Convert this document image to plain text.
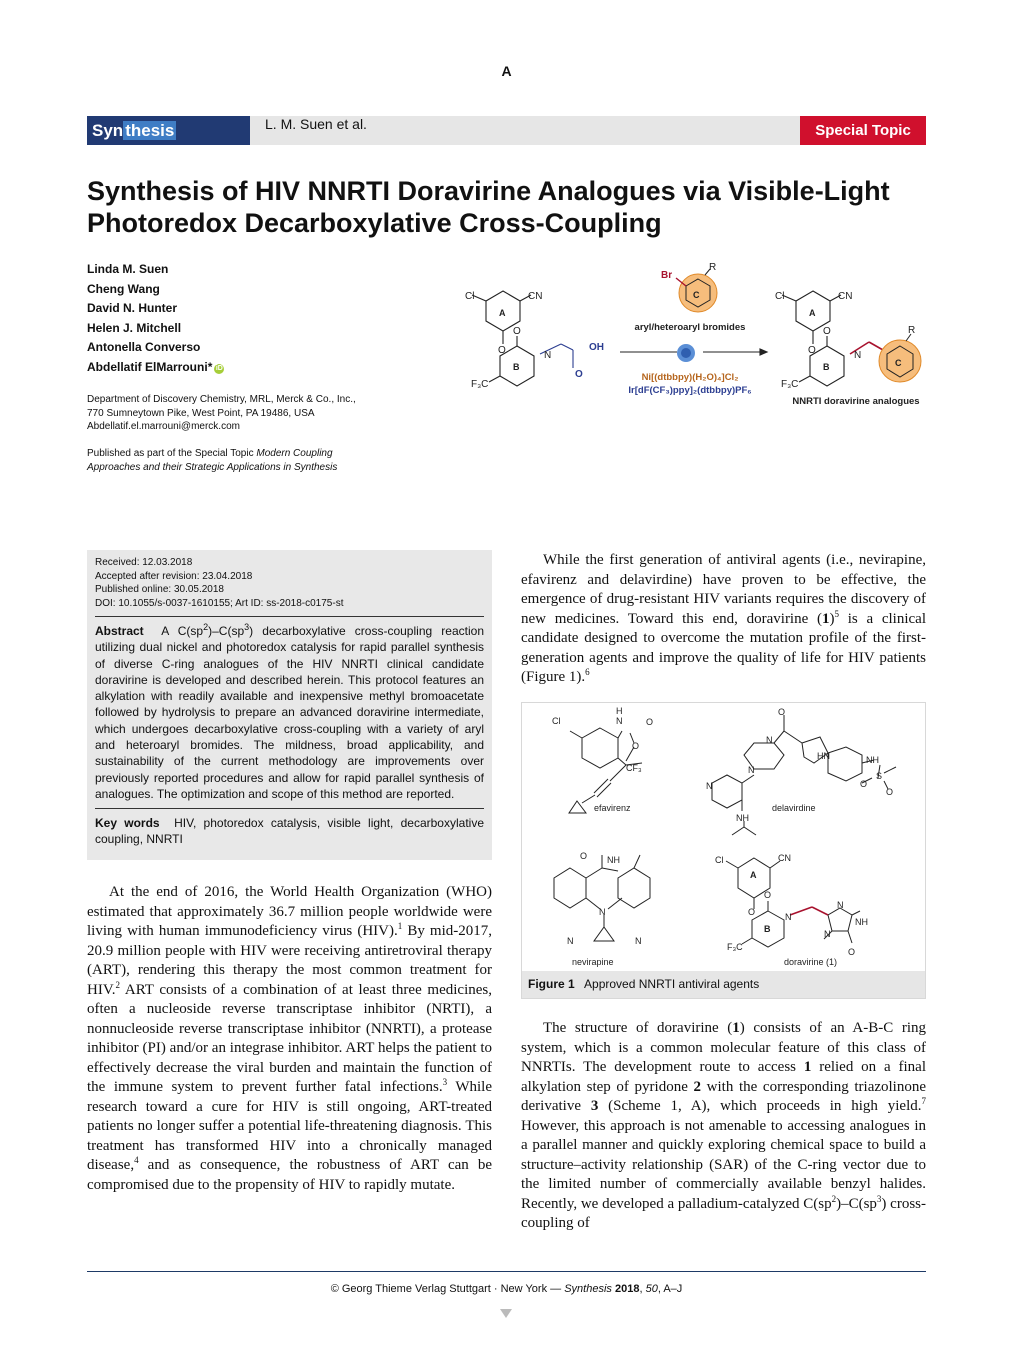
A
Syn thesis	L. M. Suen et al.	Special Topic
Synthesis of HIV NNRTI Doravirine Analogues via Visible-Light
Photoredox Decarboxylative Cross-Coupling
Linda M. Suen
Cheng Wang
David N. Hunter
Helen J. Mitchell
Antonella Converso
Abdellatif ElMarrouni* iD
Department of Discovery Chemistry, MRL, Merck & Co., Inc.,
770 Sumneytown Pike, West Point, PA 19486, USA
Abdellatif.el.marrouni@merck.com
Published as part of the Special Topic Modern Coupling
Approaches and their Strategic Applications in Synthesis
Cl	CN
A
O
O
N
B
F₃C
Cl	CN
A
O
O
N
B
F₃C
C
R
C
R
Br
OH
O
aryl/heteroaryl bromides
Ni[(dtbbpy)(H₂O)₄]Cl₂
Ir[dF(CF₃)ppy]₂(dtbbpy)PF₆
NNRTI doravirine analogues
Received: 12.03.2018
Accepted after revision: 23.04.2018
Published online: 30.05.2018
DOI: 10.1055/s-0037-1610155; Art ID: ss-2018-c0175-st
Abstract  A $C(sp^2)-C(sp^3)$ decarboxylative cross-coupling reaction utilizing dual nickel and photoredox catalysis for rapid parallel synthesis of diverse C-ring analogues of the HIV NNRTI clinical candidate doravirine is developed and described herein. This protocol features an alkylation with readily available and inexpensive methyl bromoacetate followed by hydrolysis to prepare an advanced doravirine intermediate, which undergoes decarboxylative cross-coupling with a variety of aryl and heteroaryl bromides. The mildness, broad applicability, and sustainability of the current methodology are improvements over previously reported procedures and allow for rapid parallel synthesis of analogues. The optimization and scope of this method are reported.
Key words HIV, photoredox catalysis, visible light, decarboxylative coupling, NNRTI

At the end of 2016, the World Health Organization (WHO) estimated that approximately 36.7 million people worldwide were living with human immunodeficiency virus (HIV).$^1$ By mid-2017, 20.9 million people with HIV were receiving antiretroviral therapy (ART), rendering this therapy the most common treatment for HIV.$^2$ ART consists of a combination of at least three medicines, often a nucleoside reverse transcriptase inhibitor (NRTI), a nonnucleoside reverse transcriptase inhibitor (NNRTI), a protease inhibitor (PI) and/or an integrase inhibitor. ART helps the patient to effectively decrease the viral burden and maintain the function of the immune system to prevent further fatal infections.$^3$ While research toward a cure for HIV is still ongoing, ART-treated patients no longer suffer a potential life-threatening diagnosis. This treatment has transformed HIV into a chronically managed disease,$^4$ and as consequence, the robustness of ART can be compromised due to the propensity of HIV to rapidly mutate.

While the first generation of antiviral agents (i.e., nevirapine, efavirenz and delavirdine) have proven to be effective, the emergence of drug-resistant HIV variants requires the discovery of new medicines. Toward this end, doravirine $(1)^5$ is a clinical candidate designed to overcome the mutation profile of the first-generation agents and improve the quality of life for HIV patients (Figure 1).$^6$

Cl
H
N	O
O
CF₃
O
N
N
N
HN	NH
S
O
O
NH
NH
O
N
N
N
Cl	CN
A
O
O
N
B
F₃C
N
N
NH
O
efavirenz	delavirdine
nevirapine	doravirine (1)
Figure 1 Approved NNRTI antiviral agents

The structure of doravirine (1) consists of an A-B-C ring system, which is a common molecular feature of this class of NNRTIs. The development route to access 1 relied on a final alkylation step of pyridone 2 with the corresponding triazolinone derivative 3 (Scheme 1, A), which proceeds in high yield.$^7$ However, this approach is not amenable to accessing analogues in a parallel manner and quickly exploring chemical space to build a structure–activity relationship (SAR) of the C-ring vector due to the limited number of commercially available benzyl halides. Recently, we developed a palladium-catalyzed $C(sp^2)-C(sp^3)$ cross-coupling of

© Georg Thieme Verlag Stuttgart · New York — Synthesis 2018, 50, A–J
